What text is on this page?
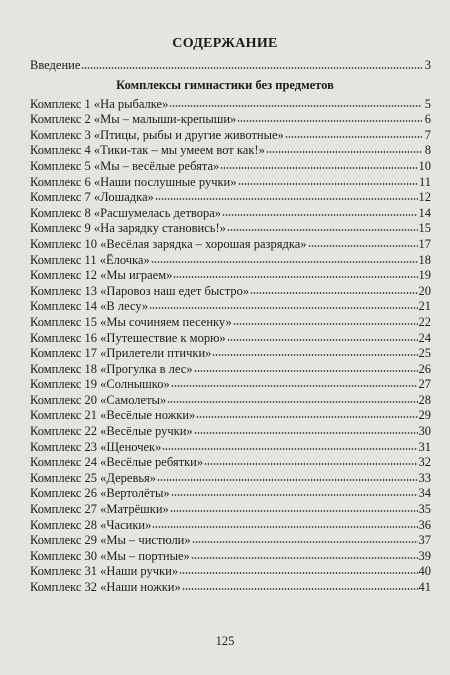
СОДЕРЖАНИЕ
Введение	3
Комплексы гимнастики без предметов
Комплекс 1 «На рыбалке»	5
Комплекс 2 «Мы – малыши-крепыши»	6
Комплекс 3 «Птицы, рыбы и другие животные»	7
Комплекс 4 «Тики-так – мы умеем вот как!»	8
Комплекс 5 «Мы – весёлые ребята»	10
Комплекс 6 «Наши послушные ручки»	11
Комплекс 7 «Лошадка»	12
Комплекс 8 «Расшумелась детвора»	14
Комплекс 9 «На зарядку становись!»	15
Комплекс 10 «Весёлая зарядка – хорошая разрядка»	17
Комплекс 11 «Ёлочка»	18
Комплекс 12 «Мы играем»	19
Комплекс 13 «Паровоз наш едет быстро»	20
Комплекс 14 «В лесу»	21
Комплекс 15 «Мы сочиняем песенку»	22
Комплекс 16 «Путешествие к морю»	24
Комплекс 17 «Прилетели птички»	25
Комплекс 18 «Прогулка в лес»	26
Комплекс 19 «Солнышко»	27
Комплекс 20 «Самолеты»	28
Комплекс 21 «Весёлые ножки»	29
Комплекс 22 «Весёлые ручки»	30
Комплекс 23 «Щеночек»	31
Комплекс 24 «Весёлые ребятки»	32
Комплекс 25 «Деревья»	33
Комплекс 26 «Вертолёты»	34
Комплекс 27 «Матрёшки»	35
Комплекс 28 «Часики»	36
Комплекс 29 «Мы – чистюли»	37
Комплекс 30 «Мы – портные»	39
Комплекс 31 «Наши ручки»	40
Комплекс 32 «Наши ножки»	41
125
